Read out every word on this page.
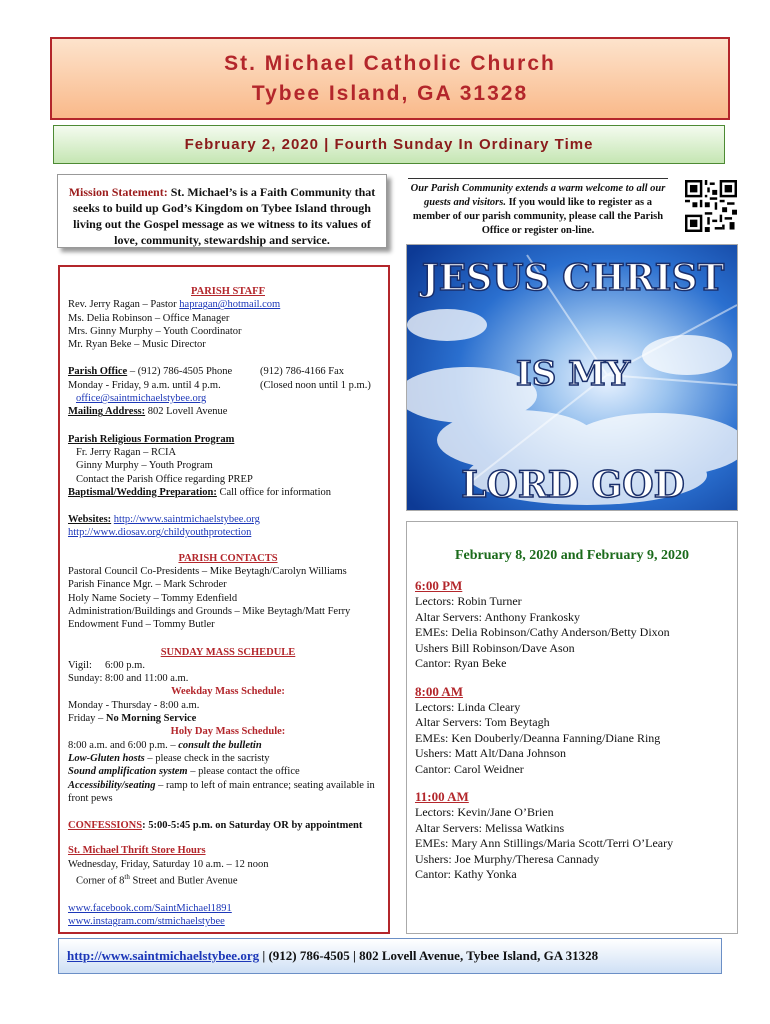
St. Michael Catholic Church
Tybee Island, GA 31328
February 2, 2020 | Fourth Sunday In Ordinary Time
Mission Statement: St. Michael’s is a Faith Community that seeks to build up God’s Kingdom on Tybee Island through living out the Gospel message as we witness to its values of love, community, stewardship and service.
Our Parish Community extends a warm welcome to all our guests and visitors. If you would like to register as a member of our parish community, please call the Parish Office or register on-line.
JESUS CHRIST
IS MY
LORD GOD
PARISH STAFF
Rev. Jerry Ragan – Pastor hapragan@hotmail.com
Ms. Delia Robinson – Office Manager
Mrs. Ginny Murphy – Youth Coordinator
Mr. Ryan Beke – Music Director
Parish Office – (912) 786-4505 Phone	(912) 786-4166 Fax
Monday - Friday, 9 a.m. until 4 p.m.	(Closed noon until 1 p.m.)
office@saintmichaelstybee.org
Mailing Address: 802 Lovell Avenue
Parish Religious Formation Program
Fr. Jerry Ragan – RCIA
Ginny Murphy – Youth Program
Contact the Parish Office regarding PREP
Baptismal/Wedding Preparation: Call office for information
Websites: http://www.saintmichaelstybee.org
http://www.diosav.org/childyouthprotection
PARISH CONTACTS
Pastoral Council Co-Presidents – Mike Beytagh/Carolyn Williams
Parish Finance Mgr. – Mark Schroder
Holy Name Society – Tommy Edenfield
Administration/Buildings and Grounds – Mike Beytagh/Matt Ferry
Endowment Fund – Tommy Butler
SUNDAY MASS SCHEDULE
Vigil:     6:00 p.m.
Sunday: 8:00 and 11:00 a.m.
Weekday Mass Schedule:
Monday - Thursday - 8:00 a.m.
Friday – No Morning Service
Holy Day Mass Schedule:
8:00 a.m. and 6:00 p.m. – consult the bulletin
Low-Gluten hosts – please check in the sacristy
Sound amplification system – please contact the office
Accessibility/seating – ramp to left of main entrance; seating available in front pews
CONFESSIONS: 5:00-5:45 p.m. on Saturday OR by appointment
St. Michael Thrift Store Hours
Wednesday, Friday, Saturday 10 a.m. – 12 noon
Corner of 8th Street and Butler Avenue
www.facebook.com/SaintMichael1891
www.instagram.com/stmichaelstybee
February 8, 2020 and February 9, 2020
6:00 PM
Lectors: Robin Turner
Altar Servers: Anthony Frankosky
EMEs: Delia Robinson/Cathy Anderson/Betty Dixon
Ushers Bill Robinson/Dave Ason
Cantor: Ryan Beke
8:00 AM
Lectors: Linda Cleary
Altar Servers: Tom Beytagh
EMEs: Ken Douberly/Deanna Fanning/Diane Ring
Ushers: Matt Alt/Dana Johnson
Cantor: Carol Weidner
11:00 AM
Lectors: Kevin/Jane O’Brien
Altar Servers: Melissa Watkins
EMEs: Mary Ann Stillings/Maria Scott/Terri O’Leary
Ushers: Joe Murphy/Theresa Cannady
Cantor: Kathy Yonka
http://www.saintmichaelstybee.org | (912) 786-4505 | 802 Lovell Avenue, Tybee Island, GA 31328
